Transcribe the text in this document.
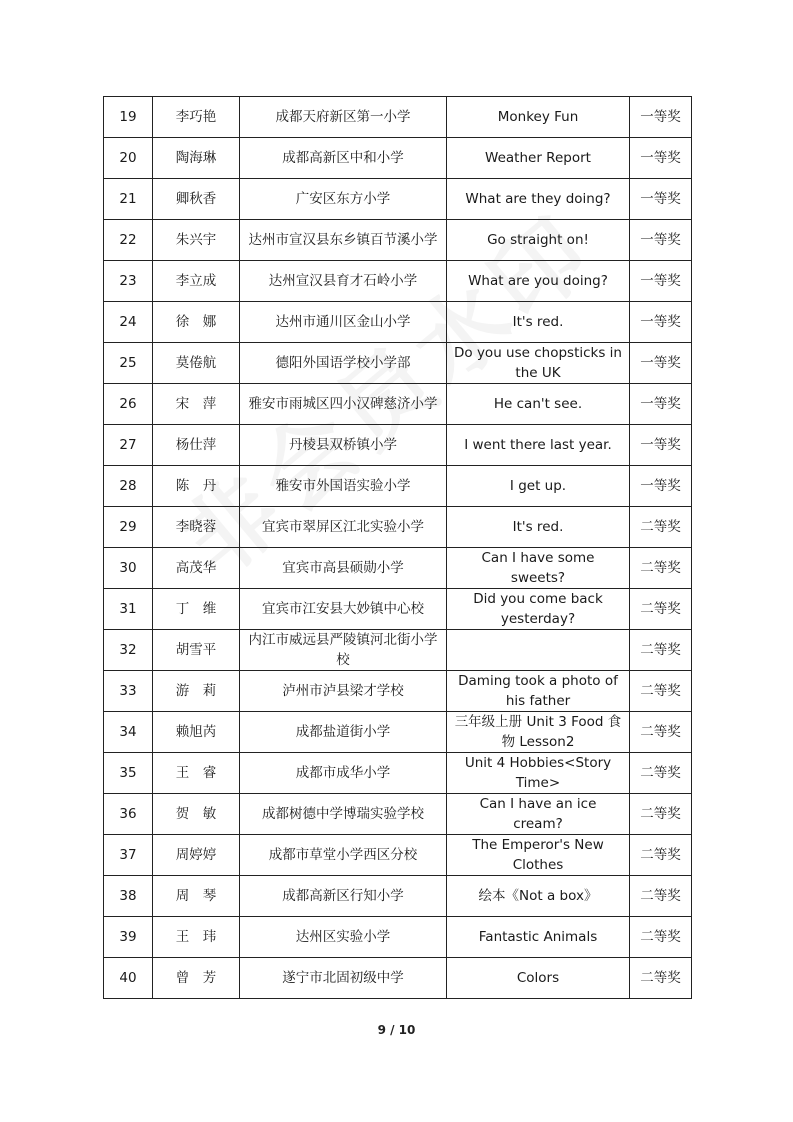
19	李巧艳	成都天府新区第一小学	Monkey Fun	一等奖
20	陶海琳	成都高新区中和小学	Weather Report	一等奖
21	卿秋香	广安区东方小学	What are they doing?	一等奖
22	朱兴宇	达州市宣汉县东乡镇百节溪小学	Go straight on!	一等奖
23	李立成	达州宣汉县育才石岭小学	What are you doing?	一等奖
24	徐　娜	达州市通川区金山小学	It's red.	一等奖
25	莫倦航	德阳外国语学校小学部	Do you use chopsticks in the UK	一等奖
26	宋　萍	雅安市雨城区四小汉碑慈济小学	He can't see.	一等奖
27	杨仕萍	丹棱县双桥镇小学	I went there last year.	一等奖
28	陈　丹	雅安市外国语实验小学	I get up.	一等奖
29	李晓蓉	宜宾市翠屏区江北实验小学	It's red.	二等奖
30	高茂华	宜宾市高县硕勋小学	Can I have some sweets?	二等奖
31	丁　维	宜宾市江安县大妙镇中心校	Did you come back yesterday?	二等奖
32	胡雪平	内江市威远县严陵镇河北街小学校		二等奖
33	游　莉	泸州市泸县梁才学校	Daming took a photo of his father	二等奖
34	赖旭芮	成都盐道街小学	三年级上册 Unit 3 Food 食物 Lesson2	二等奖
35	王　睿	成都市成华小学	Unit 4 Hobbies<Story Time>	二等奖
36	贺　敏	成都树德中学博瑞实验学校	Can I have an ice cream?	二等奖
37	周婷婷	成都市草堂小学西区分校	The Emperor's New Clothes	二等奖
38	周　琴	成都高新区行知小学	绘本《Not a box》	二等奖
39	王　玮	达州区实验小学	Fantastic Animals	二等奖
40	曾　芳	遂宁市北固初级中学	Colors	二等奖
9 / 10
